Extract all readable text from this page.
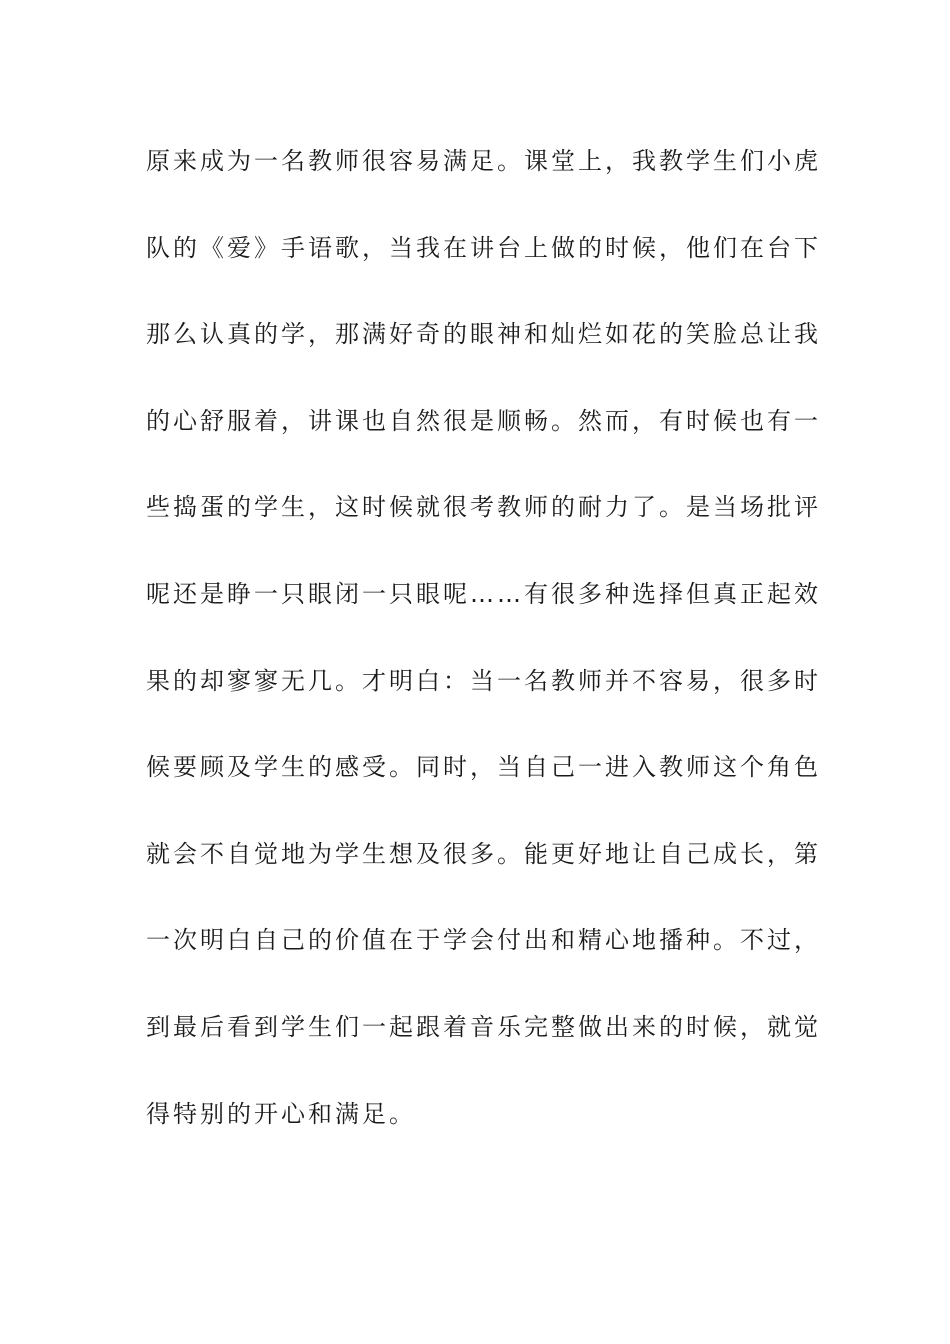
原来成为一名教师很容易满足。课堂上，我教学生们小虎
队的《爱》手语歌，当我在讲台上做的时候，他们在台下
那么认真的学，那满好奇的眼神和灿烂如花的笑脸总让我
的心舒服着，讲课也自然很是顺畅。然而，有时候也有一
些捣蛋的学生，这时候就很考教师的耐力了。是当场批评
呢还是睁一只眼闭一只眼呢……有很多种选择但真正起效
果的却寥寥无几。才明白：当一名教师并不容易，很多时
候要顾及学生的感受。同时，当自己一进入教师这个角色
就会不自觉地为学生想及很多。能更好地让自己成长，第
一次明白自己的价值在于学会付出和精心地播种。不过，
到最后看到学生们一起跟着音乐完整做出来的时候，就觉
得特别的开心和满足。
